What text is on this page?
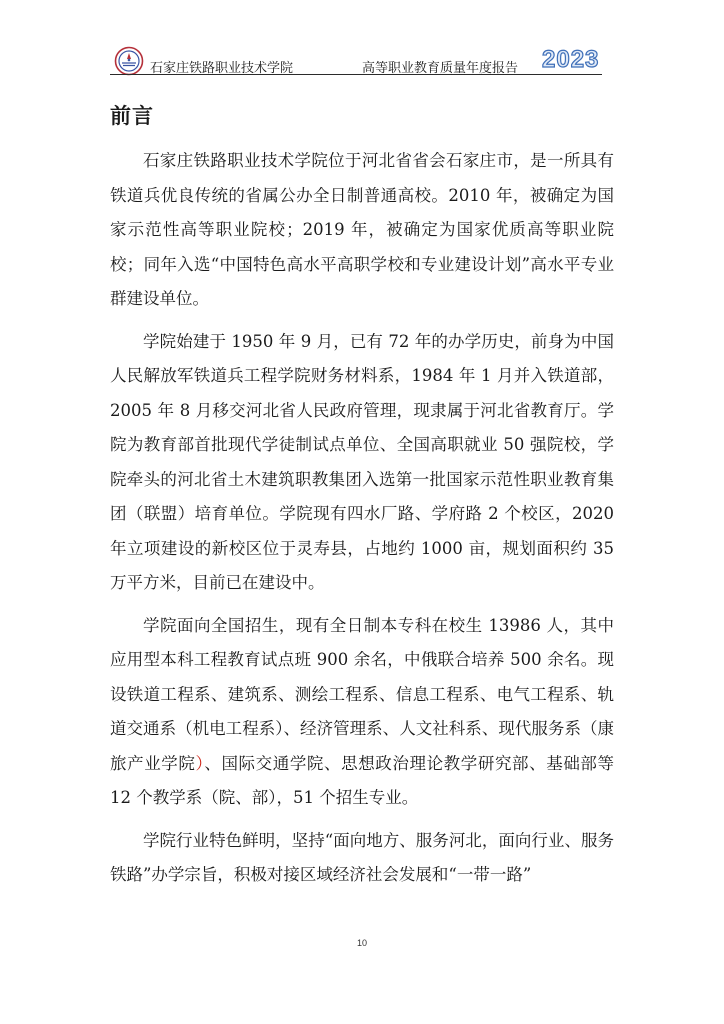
石家庄铁路职业技术学院	高等职业教育质量年度报告 2023
前言

石家庄铁路职业技术学院位于河北省省会石家庄市，是一所具有铁道兵优良传统的省属公办全日制普通高校。2010 年，被确定为国家示范性高等职业院校；2019 年，被确定为国家优质高等职业院校；同年入选“中国特色高水平高职学校和专业建设计划”高水平专业群建设单位。

学院始建于 1950 年 9 月，已有 72 年的办学历史，前身为中国人民解放军铁道兵工程学院财务材料系，1984 年 1 月并入铁道部，2005 年 8 月移交河北省人民政府管理，现隶属于河北省教育厅。学院为教育部首批现代学徒制试点单位、全国高职就业 50 强院校，学院牵头的河北省土木建筑职教集团入选第一批国家示范性职业教育集团（联盟）培育单位。学院现有四水厂路、学府路 2 个校区，2020 年立项建设的新校区位于灵寿县，占地约 1000 亩，规划面积约 35 万平方米，目前已在建设中。

学院面向全国招生，现有全日制本专科在校生 13986 人，其中应用型本科工程教育试点班 900 余名，中俄联合培养 500 余名。现设铁道工程系、建筑系、测绘工程系、信息工程系、电气工程系、轨道交通系（机电工程系）、经济管理系、人文社科系、现代服务系（康旅产业学院）、国际交通学院、思想政治理论教学研究部、基础部等 12 个教学系（院、部），51 个招生专业。

学院行业特色鲜明，坚持“面向地方、服务河北，面向行业、服务铁路”办学宗旨，积极对接区域经济社会发展和“一带一路”

10
